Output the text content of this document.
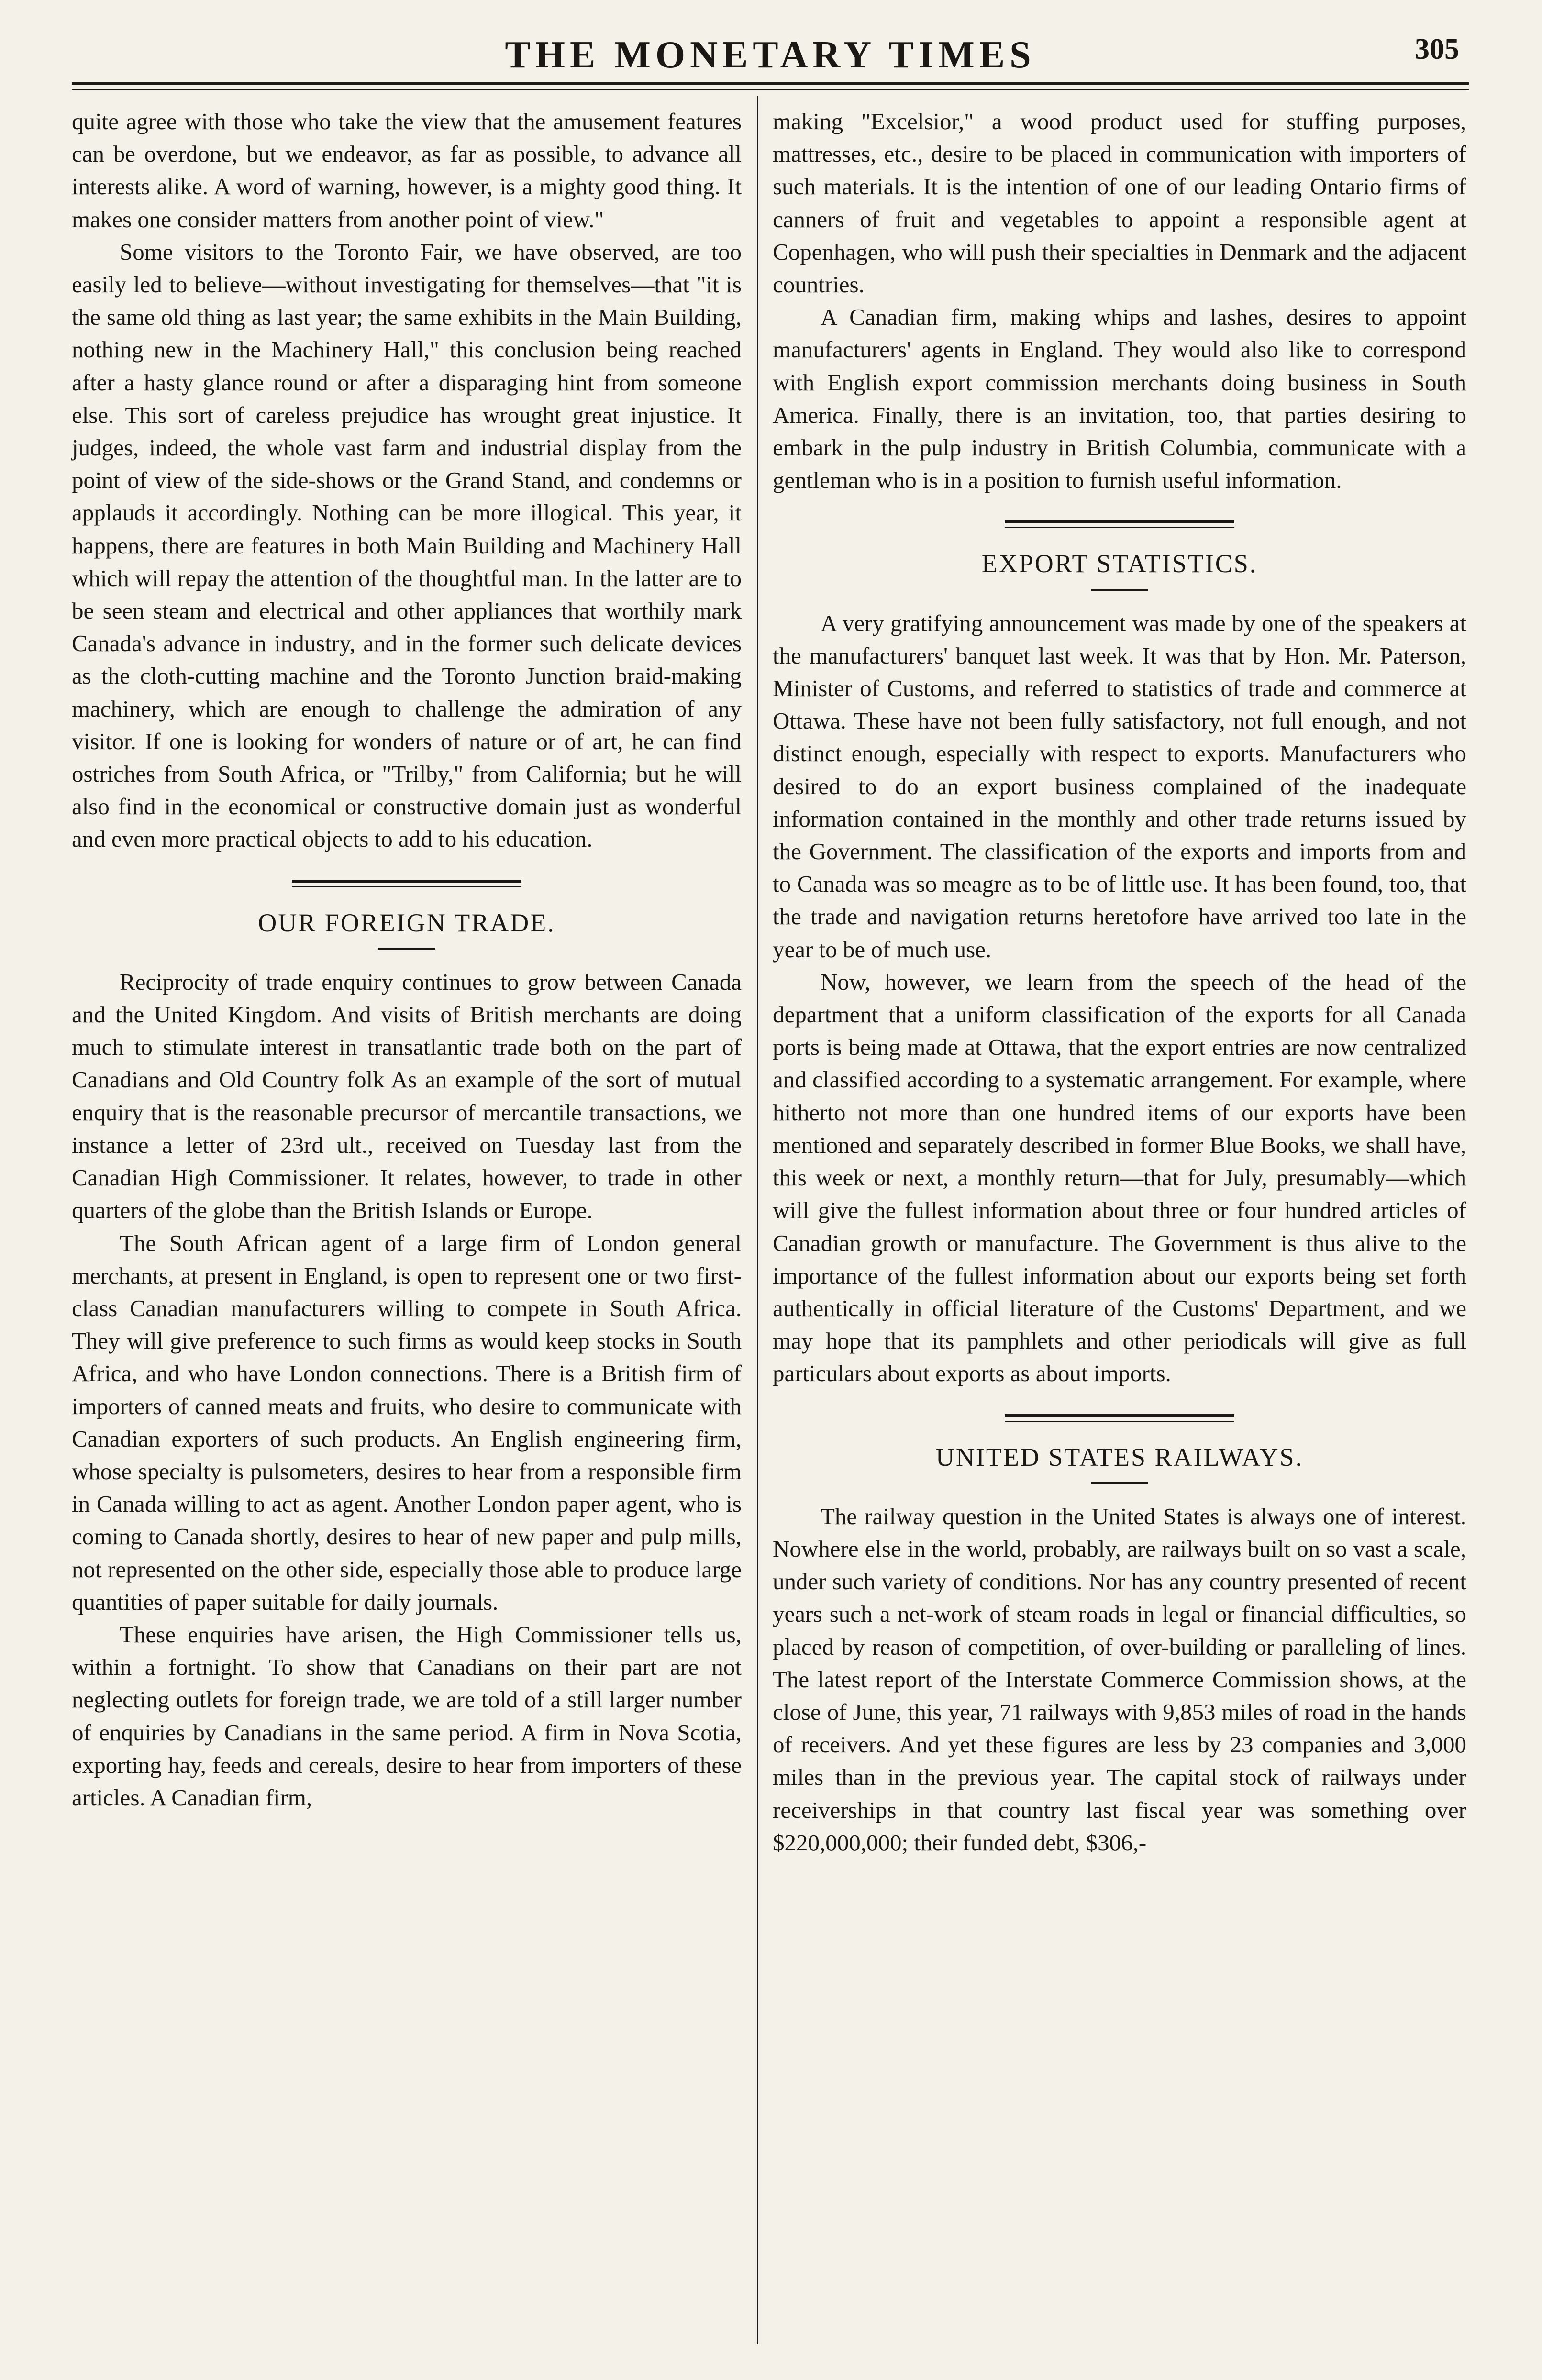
THE MONETARY TIMES	305

quite agree with those who take the view that the amusement features can be overdone, but we endeavor, as far as possible, to advance all interests alike. A word of warning, however, is a mighty good thing. It makes one consider matters from another point of view."

Some visitors to the Toronto Fair, we have observed, are too easily led to believe—without investigating for themselves—that "it is the same old thing as last year; the same exhibits in the Main Building, nothing new in the Machinery Hall," this conclusion being reached after a hasty glance round or after a disparaging hint from someone else. This sort of careless prejudice has wrought great injustice. It judges, indeed, the whole vast farm and industrial display from the point of view of the side-shows or the Grand Stand, and condemns or applauds it accordingly. Nothing can be more illogical. This year, it happens, there are features in both Main Building and Machinery Hall which will repay the attention of the thoughtful man. In the latter are to be seen steam and electrical and other appliances that worthily mark Canada's advance in industry, and in the former such delicate devices as the cloth-cutting machine and the Toronto Junction braid-making machinery, which are enough to challenge the admiration of any visitor. If one is looking for wonders of nature or of art, he can find ostriches from South Africa, or "Trilby," from California; but he will also find in the economical or constructive domain just as wonderful and even more practical objects to add to his education.

OUR FOREIGN TRADE.

Reciprocity of trade enquiry continues to grow between Canada and the United Kingdom. And visits of British merchants are doing much to stimulate interest in transatlantic trade both on the part of Canadians and Old Country folk As an example of the sort of mutual enquiry that is the reasonable precursor of mercantile transactions, we instance a letter of 23rd ult., received on Tuesday last from the Canadian High Commissioner. It relates, however, to trade in other quarters of the globe than the British Islands or Europe.

The South African agent of a large firm of London general merchants, at present in England, is open to represent one or two first-class Canadian manufacturers willing to compete in South Africa. They will give preference to such firms as would keep stocks in South Africa, and who have London connections. There is a British firm of importers of canned meats and fruits, who desire to communicate with Canadian exporters of such products. An English engineering firm, whose specialty is pulsometers, desires to hear from a responsible firm in Canada willing to act as agent. Another London paper agent, who is coming to Canada shortly, desires to hear of new paper and pulp mills, not represented on the other side, especially those able to produce large quantities of paper suitable for daily journals.

These enquiries have arisen, the High Commissioner tells us, within a fortnight. To show that Canadians on their part are not neglecting outlets for foreign trade, we are told of a still larger number of enquiries by Canadians in the same period. A firm in Nova Scotia, exporting hay, feeds and cereals, desire to hear from importers of these articles. A Canadian firm,

making "Excelsior," a wood product used for stuffing purposes, mattresses, etc., desire to be placed in communication with importers of such materials. It is the intention of one of our leading Ontario firms of canners of fruit and vegetables to appoint a responsible agent at Copenhagen, who will push their specialties in Denmark and the adjacent countries.

A Canadian firm, making whips and lashes, desires to appoint manufacturers' agents in England. They would also like to correspond with English export commission merchants doing business in South America. Finally, there is an invitation, too, that parties desiring to embark in the pulp industry in British Columbia, communicate with a gentleman who is in a position to furnish useful information.

EXPORT STATISTICS.

A very gratifying announcement was made by one of the speakers at the manufacturers' banquet last week. It was that by Hon. Mr. Paterson, Minister of Customs, and referred to statistics of trade and commerce at Ottawa. These have not been fully satisfactory, not full enough, and not distinct enough, especially with respect to exports. Manufacturers who desired to do an export business complained of the inadequate information contained in the monthly and other trade returns issued by the Government. The classification of the exports and imports from and to Canada was so meagre as to be of little use. It has been found, too, that the trade and navigation returns heretofore have arrived too late in the year to be of much use.

Now, however, we learn from the speech of the head of the department that a uniform classification of the exports for all Canada ports is being made at Ottawa, that the export entries are now centralized and classified according to a systematic arrangement. For example, where hitherto not more than one hundred items of our exports have been mentioned and separately described in former Blue Books, we shall have, this week or next, a monthly return—that for July, presumably—which will give the fullest information about three or four hundred articles of Canadian growth or manufacture. The Government is thus alive to the importance of the fullest information about our exports being set forth authentically in official literature of the Customs' Department, and we may hope that its pamphlets and other periodicals will give as full particulars about exports as about imports.

UNITED STATES RAILWAYS.

The railway question in the United States is always one of interest. Nowhere else in the world, probably, are railways built on so vast a scale, under such variety of conditions. Nor has any country presented of recent years such a net-work of steam roads in legal or financial difficulties, so placed by reason of competition, of over-building or paralleling of lines. The latest report of the Interstate Commerce Commission shows, at the close of June, this year, 71 railways with 9,853 miles of road in the hands of receivers. And yet these figures are less by 23 companies and 3,000 miles than in the previous year. The capital stock of railways under receiverships in that country last fiscal year was something over $220,000,000; their funded debt, $306,-
